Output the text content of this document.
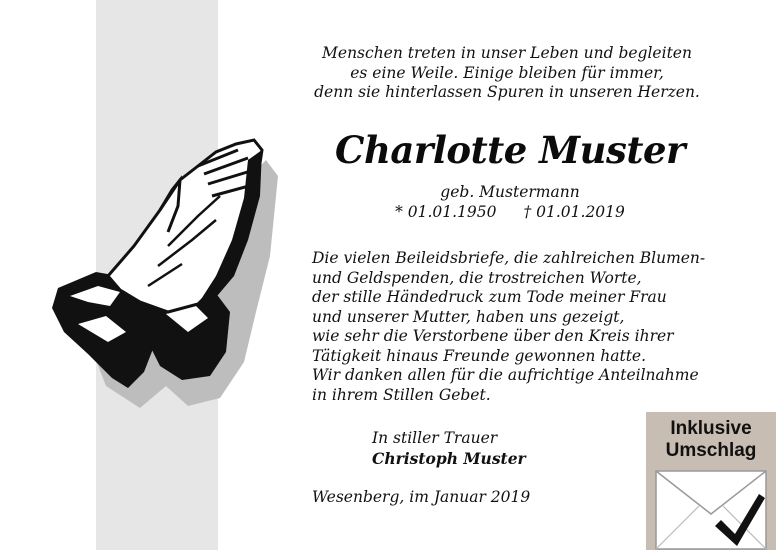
Menschen treten in unser Leben und begleiten
es eine Weile. Einige bleiben für immer,
denn sie hinterlassen Spuren in unseren Herzen.
Charlotte Muster
geb. Mustermann
* 01.01.1950 † 01.01.2019
Die vielen Beileidsbriefe, die zahlreichen Blumen-
und Geldspenden, die trostreichen Worte,
der stille Händedruck zum Tode meiner Frau
und unserer Mutter, haben uns gezeigt,
wie sehr die Verstorbene über den Kreis ihrer
Tätigkeit hinaus Freunde gewonnen hatte.
Wir danken allen für die aufrichtige Anteilnahme
in ihrem Stillen Gebet.
In stiller Trauer
Christoph Muster
Wesenberg, im Januar 2019
Inklusive
Umschlag
